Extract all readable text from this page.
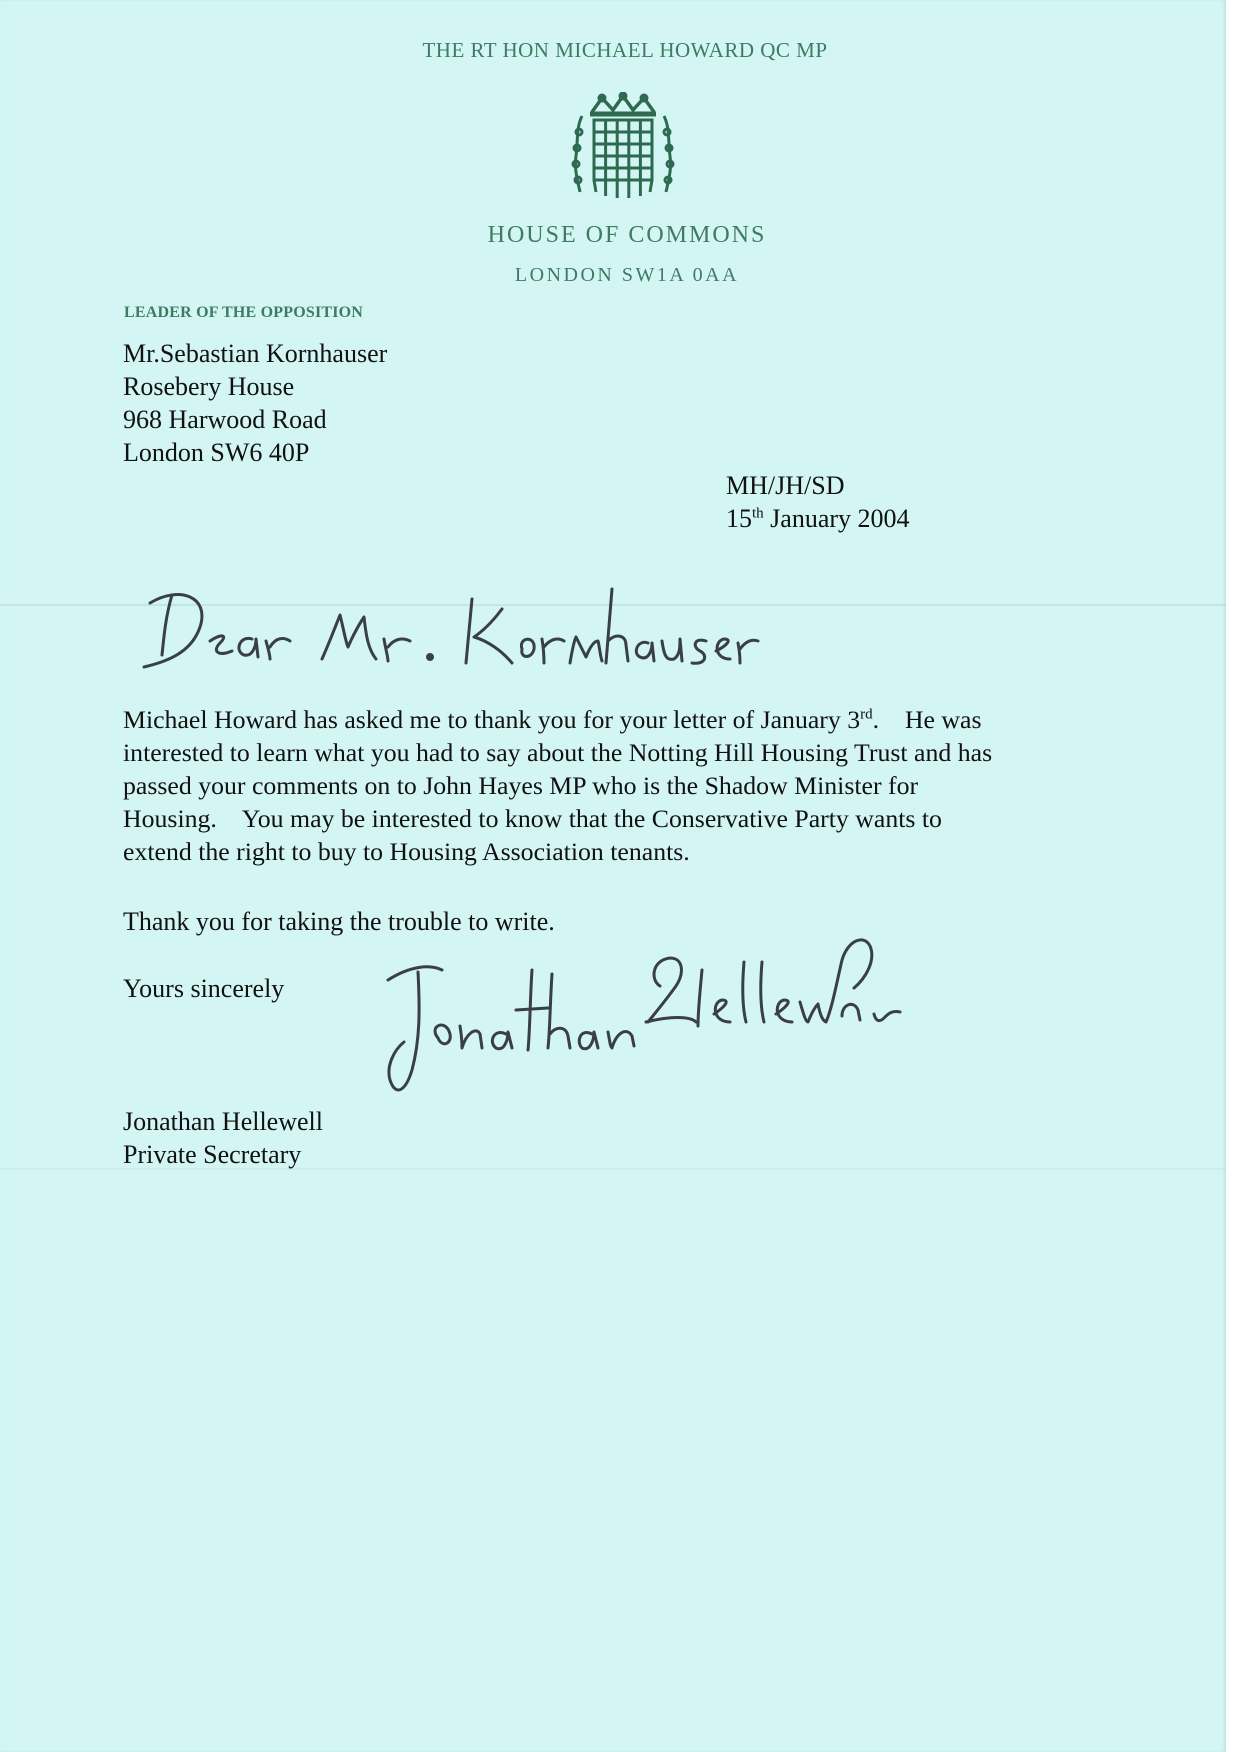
THE RT HON MICHAEL HOWARD QC MP
HOUSE OF COMMONS
LONDON SW1A 0AA
LEADER OF THE OPPOSITION
Mr.Sebastian Kornhauser
Rosebery House
968 Harwood Road
London SW6 40P
MH/JH/SD
15th January 2004

Michael Howard has asked me to thank you for your letter of January 3rd.    He was
interested to learn what you had to say about the Notting Hill Housing Trust and has
passed your comments on to John Hayes MP who is the Shadow Minister for
Housing.    You may be interested to know that the Conservative Party wants to
extend the right to buy to Housing Association tenants.

Thank you for taking the trouble to write.
Yours sincerely
Jonathan Hellewell
Private Secretary
